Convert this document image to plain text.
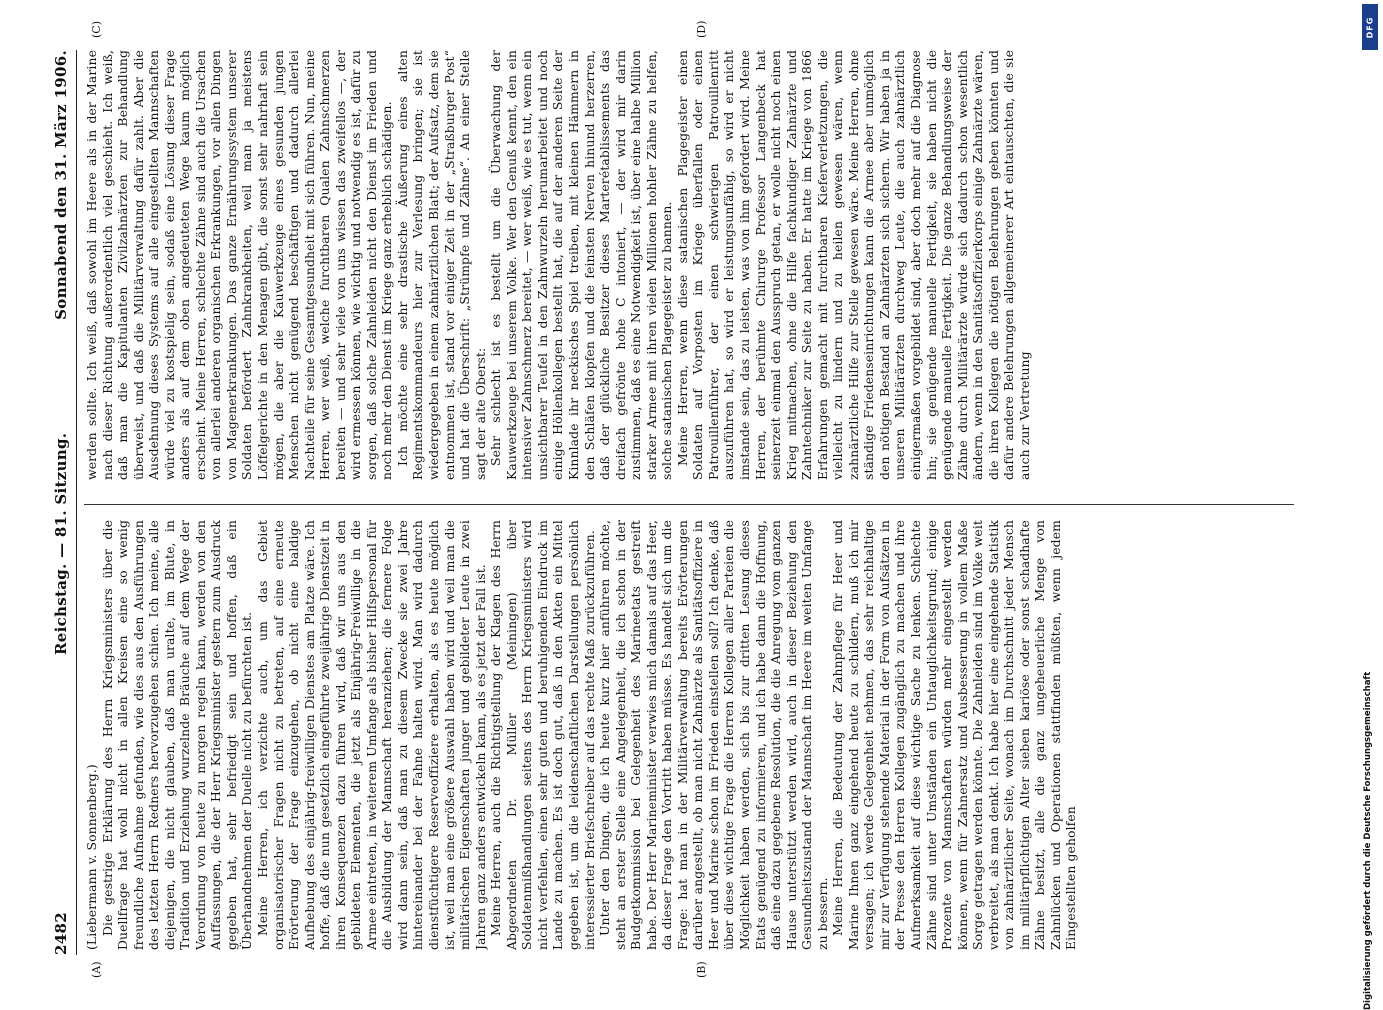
2482
Reichstag. — 81. Sitzung.
Sonnabend den 31. März 1906.
(A)	(B)
(C)	(D)

(Liebermann v. Sonnenberg.) Die gestrige Erklärung des Herrn Kriegsministers über die Duellfrage hat wohl nicht in allen Kreisen eine so wenig freundliche Aufnahme gefunden, wie dies aus den Ausführungen des letzten Herrn Redners hervorzugehen schien. Ich meine, alle diejenigen, die nicht glauben, daß man uralte, im Blute, in Tradition und Erziehung wurzelnde Bräuche auf dem Wege der Verordnung von heute zu morgen regeln kann, werden von den Auffassungen, die der Herr Kriegsminister gestern zum Ausdruck gegeben hat, sehr befriedigt sein und hoffen, daß ein Überhandnehmen der Duelle nicht zu befürchten ist. Meine Herren, ich verzichte auch, um das Gebiet organisatorischer Fragen nicht zu betreten, auf eine erneute Erörterung der Frage einzugehen, ob nicht eine baldige Aufhebung des einjährig-freiwilligen Dienstes am Platze wäre. Ich hoffe, daß die nun gesetzlich eingeführte zweijährige Dienstzeit in ihren Konsequenzen dazu führen wird, daß wir uns aus den gebildeten Elementen, die jetzt als Einjährig-Freiwillige in die Armee eintreten, in weiterem Umfange als bisher Hilfspersonal für die Ausbildung der Mannschaft heranziehen; die fernere Folge wird dann sein, daß man zu diesem Zwecke sie zwei Jahre hintereinander bei der Fahne halten wird. Man wird dadurch dienstfüchtigere Reserveoffiziere erhalten, als es heute möglich ist, weil man eine größere Auswahl haben wird und weil man die militärischen Eigenschaften junger und gebildeter Leute in zwei Jahren ganz anders entwickeln kann, als es jetzt der Fall ist. Meine Herren, auch die Richtigstellung der Klagen des Herrn Abgeordneten Dr. Müller (Meiningen) über Soldatenmißhandlungen seitens des Herrn Kriegsministers wird nicht verfehlen, einen sehr guten und beruhigenden Eindruck im Lande zu machen. Es ist doch gut, daß in den Akten ein Mittel gegeben ist, um die leidenschaftlichen Darstellungen persönlich interessierter Briefschreiber auf das rechte Maß zurückzuführen. Unter den Dingen, die ich heute kurz hier anführen möchte, steht an erster Stelle eine Angelegenheit, die ich schon in der Budgetkommission bei Gelegenheit des Marineetats gestreift habe. Der Herr Marineminister verwies mich damals auf das Heer, da dieser Frage den Vortritt haben müsse. Es handelt sich um die Frage: hat man in der Militärverwaltung bereits Erörterungen darüber angestellt, ob man nicht Zahnärzte als Sanitätsoffiziere in Heer und Marine schon im Frieden einstellen soll? Ich denke, daß über diese wichtige Frage die Herren Kollegen aller Parteien die Möglichkeit haben werden, sich bis zur dritten Lesung dieses Etats genügend zu informieren, und ich habe dann die Hoffnung, daß eine dazu gegebene Resolution, die die Anregung vom ganzen Hause unterstützt werden wird, auch in dieser Beziehung den Gesundheitszustand der Mannschaft im Heere im weiten Umfange zu bessern. Meine Herren, die Bedeutung der Zahnpflege für Heer und Marine Ihnen ganz eingehend heute zu schildern, muß ich mir versagen; ich werde Gelegenheit nehmen, das sehr reichhaltige mir zur Verfügung stehende Material in der Form von Aufsätzen in der Presse den Herren Kollegen zugänglich zu machen und ihre Aufmerksamkeit auf diese wichtige Sache zu lenken. Schlechte Zähne sind unter Umständen ein Untauglichkeitsgrund; einige Prozente von Mannschaften würden mehr eingestellt werden können, wenn für Zahnersatz und Ausbesserung in vollem Maße Sorge getragen werden könnte. Die Zahnleiden sind im Volke weit verbreitet, als man denkt. Ich habe hier eine eingehende Statistik von zahnärztlicher Seite, wonach im Durchschnitt jeder Mensch im militärpflichtigen Alter sieben kariöse oder sonst schadhafte Zähne besitzt, alle die ganz ungeheuerliche Menge von Zahnlücken und Operationen stattfinden müßten, wenn jedem Eingestellten geholfen

werden sollte. Ich weiß, daß sowohl im Heere als in der Marine nach dieser Richtung außerordentlich viel geschieht. Ich weiß, daß man die Kapitulanten Zivilzahnärzten zur Behandlung überweist, und daß die Militärverwaltung dafür zahlt. Aber die Ausdehnung dieses Systems auf alle eingestellten Mannschaften würde viel zu kostspielig sein, sodaß eine Lösung dieser Frage anders als auf dem oben angedeuteten Wege kaum möglich erscheint. Meine Herren, schlechte Zähne sind auch die Ursachen von allerlei anderen organischen Erkrankungen, vor allen Dingen von Magenerkrankungen. Das ganze Ernährungssystem unserer Soldaten befördert Zahnkrankheiten, weil man ja meistens Löffelgerichte in den Menagen gibt, die sonst sehr nahrhaft sein mögen, die aber die Kauwerkzeuge eines gesunden jungen Menschen nicht genügend beschäftigen und dadurch allerlei Nachteile für seine Gesamtgesundheit mit sich führen. Nun, meine Herren, wer weiß, welche furchtbaren Qualen Zahnschmerzen bereiten — und sehr viele von uns wissen das zweifellos —, der wird ermessen können, wie wichtig und notwendig es ist, dafür zu sorgen, daß solche Zahnleiden nicht den Dienst im Frieden und noch mehr den Dienst im Kriege ganz erheblich schädigen. Ich möchte eine sehr drastische Äußerung eines alten Regimentskommandeurs hier zur Verlesung bringen; sie ist wiedergegeben in einem zahnärztlichen Blatt; der Aufsatz, dem sie entnommen ist, stand vor einiger Zeit in der „Straßburger Post“ und hat die Überschrift: „Strümpfe und Zähne“. An einer Stelle sagt der alte Oberst: Sehr schlecht ist es bestellt um die Überwachung der Kauwerkzeuge bei unserem Volke. Wer den Genuß kennt, den ein intensiver Zahnschmerz bereitet, — wer weiß, wie es tut, wenn ein unsichtbarer Teufel in den Zahnwurzeln herumarbeitet und noch einige Höllenkollegen bestellt hat, die auf der anderen Seite der Kinnlade ihr neckisches Spiel treiben, mit kleinen Hämmern in den Schläfen klopfen und die feinsten Nerven hinund herzerren, daß der glückliche Besitzer dieses Marterétablissements das dreifach gefrönte hohe C intoniert, — der wird mir darin zustimmen, daß es eine Notwendigkeit ist, über eine halbe Million starker Armee mit ihren vielen Millionen hohler Zähne zu helfen, solche satanischen Plagegeister zu bannen. Meine Herren, wenn diese satanischen Plagegeister einen Soldaten auf Vorposten im Kriege überfallen oder einen Patrouillenführer, der einen schwierigen Patrouillenritt auszuführen hat, so wird er leistungsunfähig, so wird er nicht imstande sein, das zu leisten, was von ihm gefordert wird. Meine Herren, der berühmte Chirurge Professor Langenbeck hat seinerzeit einmal den Ausspruch getan, er wolle nicht noch einen Krieg mitmachen, ohne die Hilfe fachkundiger Zahnärzte und Zahntechniker zur Seite zu haben. Er hatte im Kriege von 1866 Erfahrungen gemacht mit furchtbaren Kieferverletzungen, die vielleicht zu lindern und zu heilen gewesen wären, wenn zahnärztliche Hilfe zur Stelle gewesen wäre. Meine Herren, ohne ständige Friedenseinrichtungen kann die Armee aber unmöglich den nötigen Bestand an Zahnärzten sich sichern. Wir haben ja in unseren Militärärzten durchweg Leute, die auch zahnärztlich einigermaßen vorgebildet sind, aber doch mehr auf die Diagnose hin; sie genügende manuelle Fertigkeit, sie haben nicht die genügende manuelle Fertigkeit. Die ganze Behandlungsweise der Zähne durch Militärärzte würde sich dadurch schon wesentlich ändern, wenn in den Sanitätsoffizierkorps einige Zahnärzte wären, die ihren Kollegen die nötigen Belehrungen geben könnten und dafür andere Belehrungen allgemeinerer Art eintauschten, die sie auch zur Vertretung

DFG
Digitalisierung gefördert durch die Deutsche Forschungsgemeinschaft
